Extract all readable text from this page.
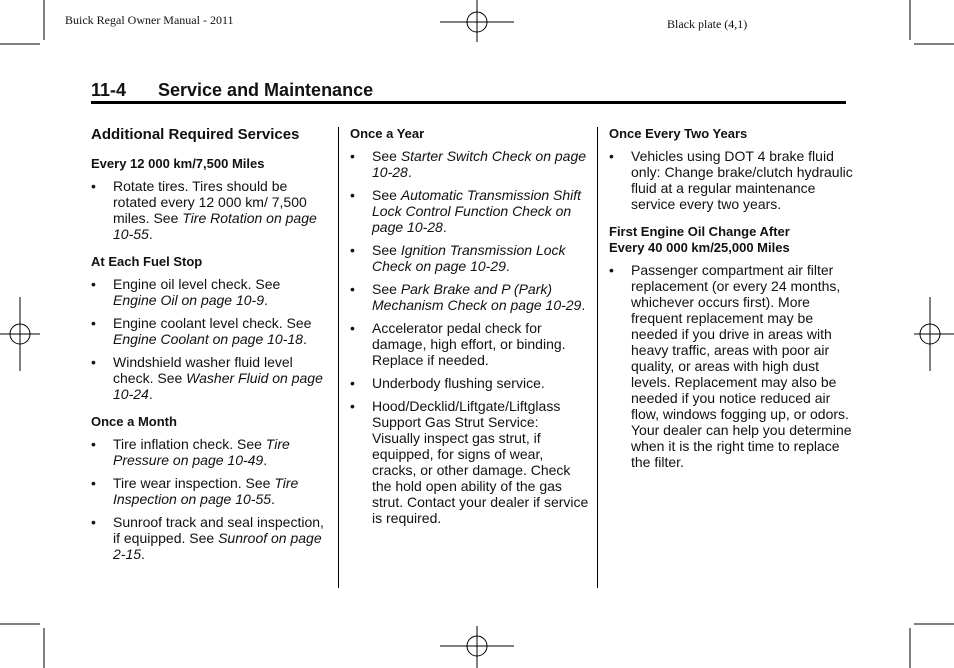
Buick Regal Owner Manual - 2011	Black plate (4,1)
11-4 Service and Maintenance
Additional Required Services
Every 12 000 km/7,500 Miles
• Rotate tires. Tires should be rotated every 12 000 km/ 7,500 miles. See Tire Rotation on page 10-55.
At Each Fuel Stop
• Engine oil level check. See Engine Oil on page 10-9.
• Engine coolant level check. See Engine Coolant on page 10-18.
• Windshield washer fluid level check. See Washer Fluid on page 10-24.
Once a Month
• Tire inflation check. See Tire Pressure on page 10-49.
• Tire wear inspection. See Tire Inspection on page 10-55.
• Sunroof track and seal inspection, if equipped. See Sunroof on page 2-15.
Once a Year
• See Starter Switch Check on page 10-28.
• See Automatic Transmission Shift Lock Control Function Check on page 10-28.
• See Ignition Transmission Lock Check on page 10-29.
• See Park Brake and P (Park) Mechanism Check on page 10-29.
• Accelerator pedal check for damage, high effort, or binding. Replace if needed.
• Underbody flushing service.
• Hood/Decklid/Liftgate/Liftglass Support Gas Strut Service: Visually inspect gas strut, if equipped, for signs of wear, cracks, or other damage. Check the hold open ability of the gas strut. Contact your dealer if service is required.
Once Every Two Years
• Vehicles using DOT 4 brake fluid only: Change brake/clutch hydraulic fluid at a regular maintenance service every two years.
First Engine Oil Change After
Every 40 000 km/25,000 Miles
• Passenger compartment air filter replacement (or every 24 months, whichever occurs first). More frequent replacement may be needed if you drive in areas with heavy traffic, areas with poor air quality, or areas with high dust levels. Replacement may also be needed if you notice reduced air flow, windows fogging up, or odors. Your dealer can help you determine when it is the right time to replace the filter.
